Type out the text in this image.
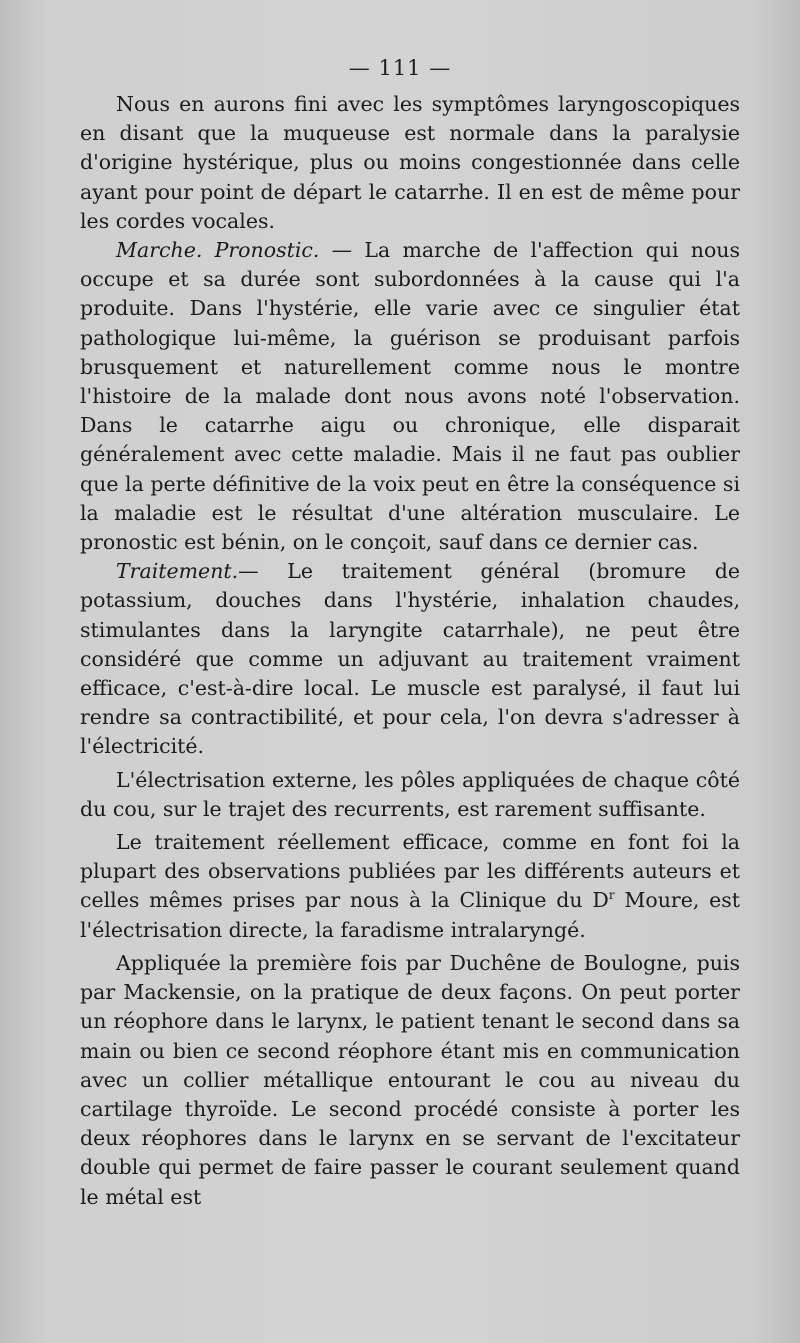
— 111 —

Nous en aurons fini avec les symptômes laryngoscopiques en disant que la muqueuse est normale dans la paralysie d'origine hystérique, plus ou moins congestionnée dans celle ayant pour point de départ le catarrhe. Il en est de même pour les cordes vocales.

Marche. Pronostic. — La marche de l'affection qui nous occupe et sa durée sont subordonnées à la cause qui l'a produite. Dans l'hystérie, elle varie avec ce singulier état pathologique lui-même, la guérison se produisant parfois brusquement et naturellement comme nous le montre l'histoire de la malade dont nous avons noté l'observation. Dans le catarrhe aigu ou chronique, elle disparait généralement avec cette maladie. Mais il ne faut pas oublier que la perte définitive de la voix peut en être la conséquence si la maladie est le résultat d'une altération musculaire. Le pronostic est bénin, on le conçoit, sauf dans ce dernier cas.

Traitement.— Le traitement général (bromure de potassium, douches dans l'hystérie, inhalation chaudes, stimulantes dans la laryngite catarrhale), ne peut être considéré que comme un adjuvant au traitement vraiment efficace, c'est-à-dire local. Le muscle est paralysé, il faut lui rendre sa contractibilité, et pour cela, l'on devra s'adresser à l'électricité.

L'électrisation externe, les pôles appliquées de chaque côté du cou, sur le trajet des recurrents, est rarement suffisante.

Le traitement réellement efficace, comme en font foi la plupart des observations publiées par les différents auteurs et celles mêmes prises par nous à la Clinique du $D^r$ Moure, est l'électrisation directe, la faradisme intralaryngé.

Appliquée la première fois par Duchêne de Boulogne, puis par Mackensie, on la pratique de deux façons. On peut porter un réophore dans le larynx, le patient tenant le second dans sa main ou bien ce second réophore étant mis en communication avec un collier métallique entourant le cou au niveau du cartilage thyroïde. Le second procédé consiste à porter les deux réophores dans le larynx en se servant de l'excitateur double qui permet de faire passer le courant seulement quand le métal est
